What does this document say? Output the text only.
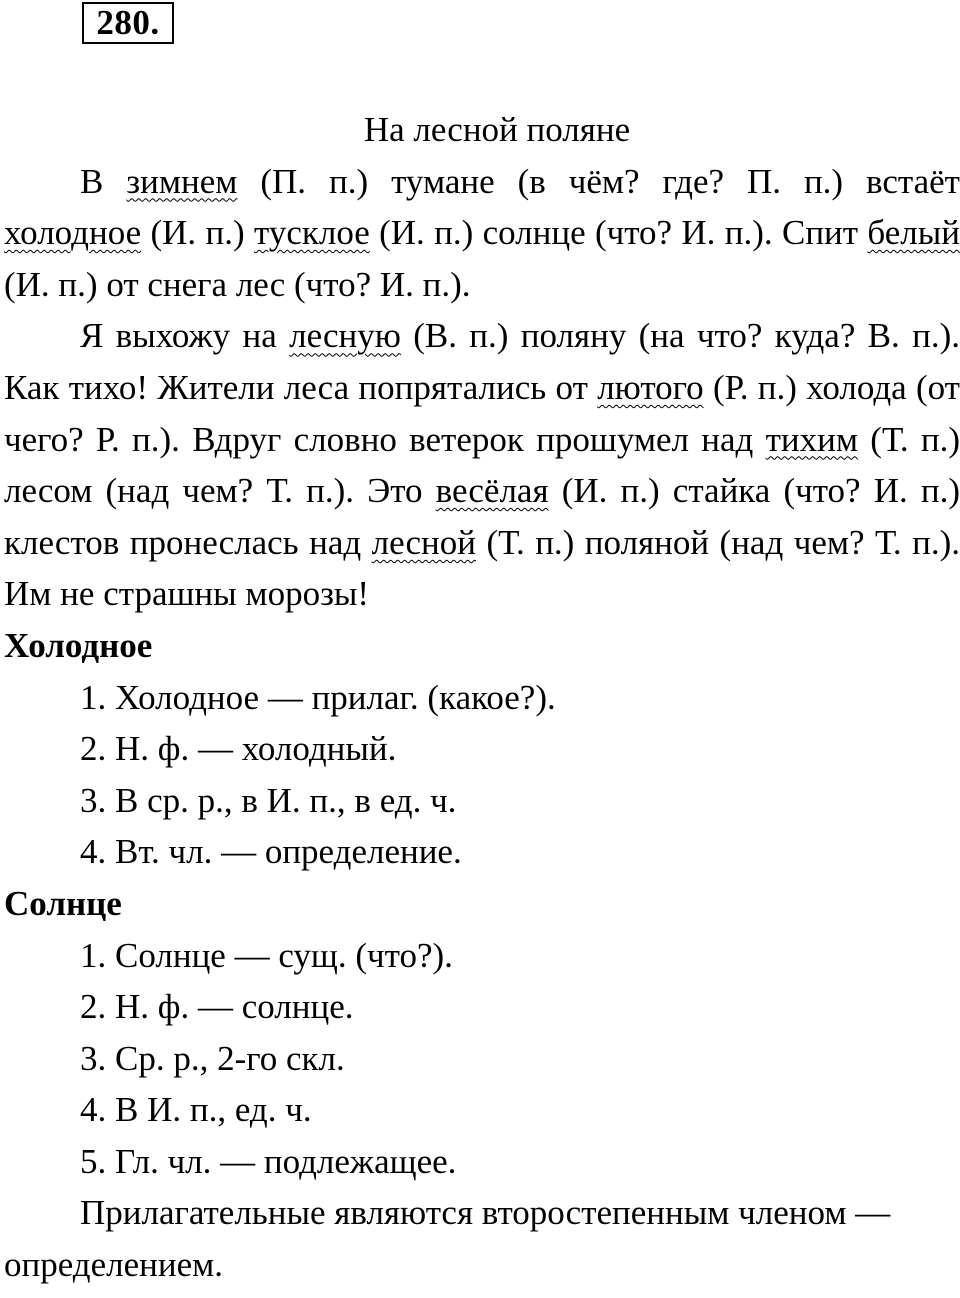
280.

На лесной поляне

В зимнем (П. п.) тумане (в чём? где? П. п.) встаёт холодное (И. п.) тусклое (И. п.) солнце (что? И. п.). Спит белый (И. п.) от снега лес (что? И. п.).

Я выхожу на лесную (В. п.) поляну (на что? куда? В. п.). Как тихо! Жители леса попрятались от лютого (Р. п.) холода (от чего? Р. п.). Вдруг словно ветерок прошумел над тихим (Т. п.) лесом (над чем? Т. п.). Это весёлая (И. п.) стайка (что? И. п.) клестов пронеслась над лесной (Т. п.) поляной (над чем? Т. п.). Им не страшны морозы!

Холодное

1. Холодное — прилаг. (какое?).

2. Н. ф. — холодный.

3. В ср. р., в И. п., в ед. ч.

4. Вт. чл. — определение.

Солнце

1. Солнце — сущ. (что?).

2. Н. ф. — солнце.

3. Ср. р., 2-го скл.

4. В И. п., ед. ч.

5. Гл. чл. — подлежащее.

Прилагательные являются второстепенным членом — определением.
